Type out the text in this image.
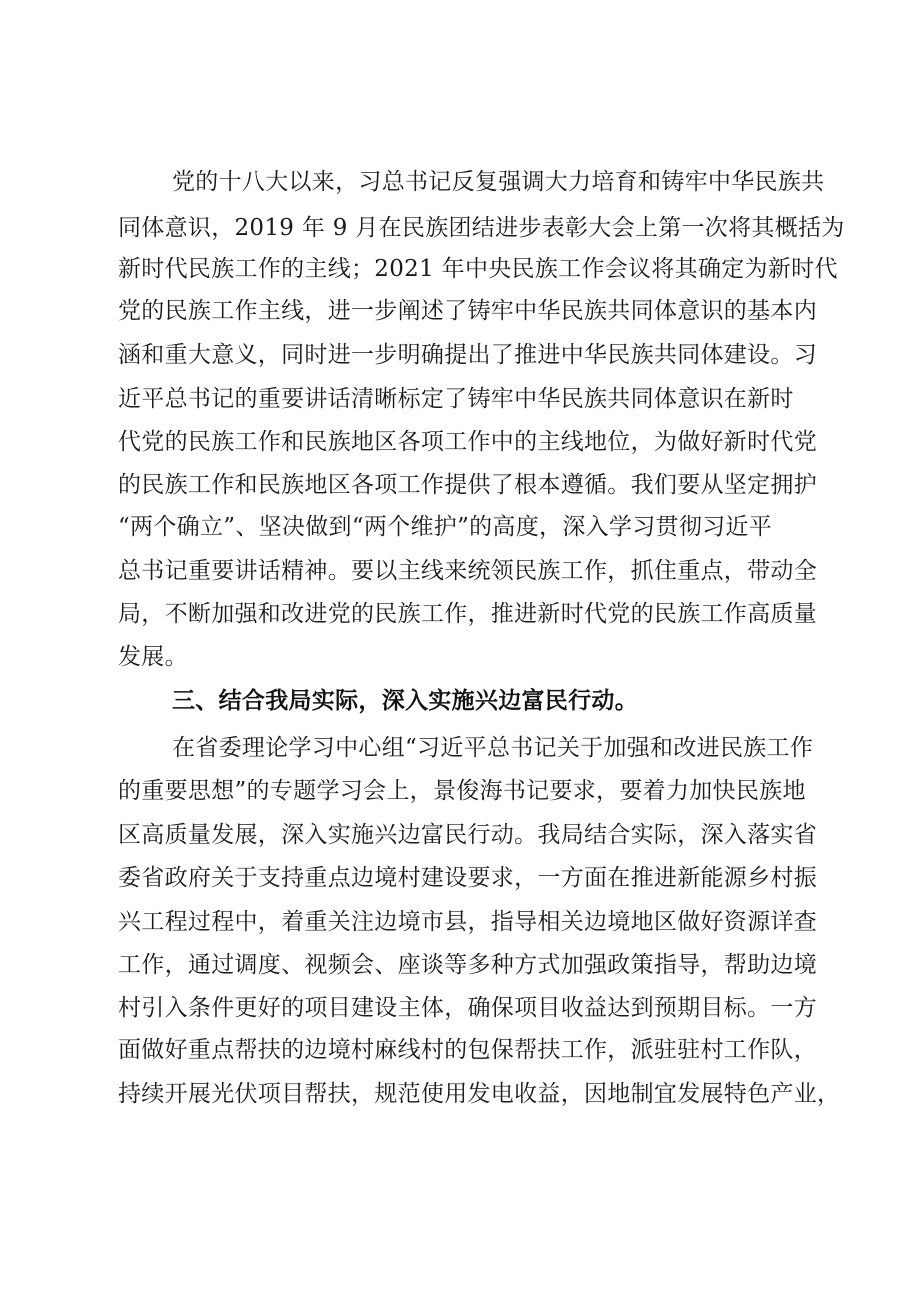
党的十八大以来，习总书记反复强调大力培育和铸牢中华民族共
同体意识，2019 年 9 月在民族团结进步表彰大会上第一次将其概括为
新时代民族工作的主线；2021 年中央民族工作会议将其确定为新时代
党的民族工作主线，进一步阐述了铸牢中华民族共同体意识的基本内
涵和重大意义，同时进一步明确提出了推进中华民族共同体建设。习
近平总书记的重要讲话清晰标定了铸牢中华民族共同体意识在新时
代党的民族工作和民族地区各项工作中的主线地位，为做好新时代党
的民族工作和民族地区各项工作提供了根本遵循。我们要从坚定拥护
“两个确立”、坚决做到“两个维护”的高度，深入学习贯彻习近平
总书记重要讲话精神。要以主线来统领民族工作，抓住重点，带动全
局，不断加强和改进党的民族工作，推进新时代党的民族工作高质量
发展。
三、结合我局实际，深入实施兴边富民行动。
在省委理论学习中心组“习近平总书记关于加强和改进民族工作
的重要思想”的专题学习会上，景俊海书记要求，要着力加快民族地
区高质量发展，深入实施兴边富民行动。我局结合实际，深入落实省
委省政府关于支持重点边境村建设要求，一方面在推进新能源乡村振
兴工程过程中，着重关注边境市县，指导相关边境地区做好资源详查
工作，通过调度、视频会、座谈等多种方式加强政策指导，帮助边境
村引入条件更好的项目建设主体，确保项目收益达到预期目标。一方
面做好重点帮扶的边境村麻线村的包保帮扶工作，派驻驻村工作队，
持续开展光伏项目帮扶，规范使用发电收益，因地制宜发展特色产业，
